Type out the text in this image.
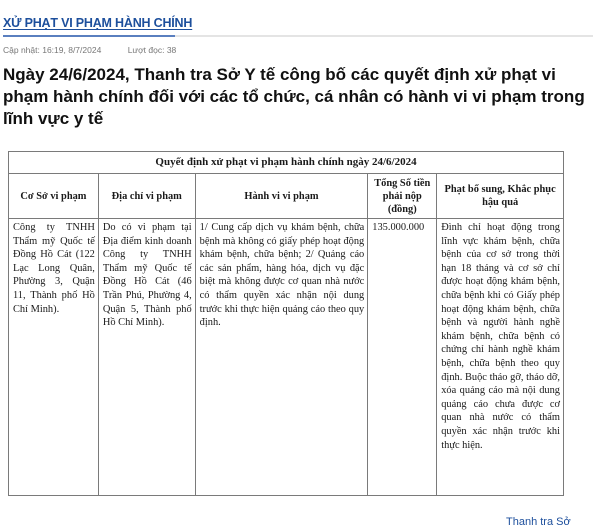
XỬ PHẠT VI PHẠM HÀNH CHÍNH
Cập nhật: 16:19, 8/7/2024	Lượt đọc: 38
Ngày 24/6/2024, Thanh tra Sở Y tế công bố các quyết định xử phạt vi phạm hành chính đối với các tổ chức, cá nhân có hành vi vi phạm trong lĩnh vực y tế
Quyết định xử phạt vi phạm hành chính ngày 24/6/2024				
Cơ Sở vi phạm	Địa chỉ vi phạm	Hành vi vi phạm	Tổng Số tiền phải nộp (đồng)	Phạt bổ sung, Khắc phục hậu quả
Công ty TNHH Thẩm mỹ Quốc tế Đồng Hồ Cát (122 Lạc Long Quân, Phường 3, Quận 11, Thành phố Hồ Chí Minh).	Do có vi phạm tại Địa điểm kinh doanh Công ty TNHH Thẩm mỹ Quốc tế Đồng Hồ Cát (46 Trần Phú, Phường 4, Quận 5, Thành phố Hồ Chí Minh).	1/ Cung cấp dịch vụ khám bệnh, chữa bệnh mà không có giấy phép hoạt động khám bệnh, chữa bệnh; 2/ Quảng cáo các sản phẩm, hàng hóa, dịch vụ đặc biệt mà không được cơ quan nhà nước có thẩm quyền xác nhận nội dung trước khi thực hiện quảng cáo theo quy định.	135.000.000	Đình chỉ hoạt động trong lĩnh vực khám bệnh, chữa bệnh của cơ sở trong thời hạn 18 tháng và cơ sở chỉ được hoạt động khám bệnh, chữa bệnh khi có Giấy phép hoạt động khám bệnh, chữa bệnh và người hành nghề khám bệnh, chữa bệnh có chứng chỉ hành nghề khám bệnh, chữa bệnh theo quy định. Buộc tháo gỡ, tháo dỡ, xóa quảng cáo mà nội dung quảng cáo chưa được cơ quan nhà nước có thẩm quyền xác nhận trước khi thực hiện.
Thanh tra Sở
